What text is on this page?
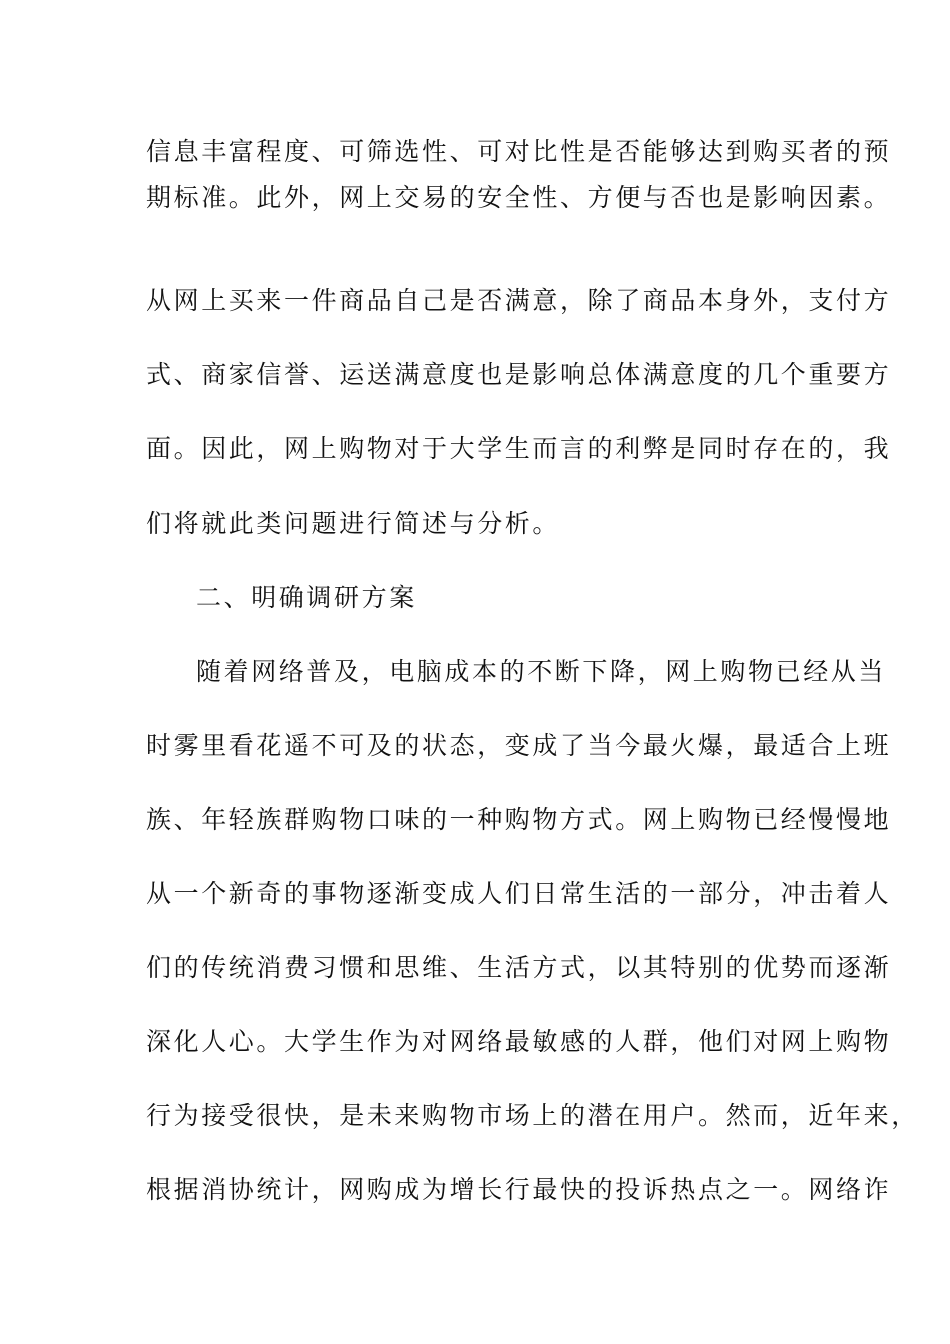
信息丰富程度、可筛选性、可对比性是否能够达到购买者的预
期标准。此外，网上交易的安全性、方便与否也是影响因素。
从网上买来一件商品自己是否满意，除了商品本身外，支付方
式、商家信誉、运送满意度也是影响总体满意度的几个重要方
面。因此，网上购物对于大学生而言的利弊是同时存在的，我
们将就此类问题进行简述与分析。
二、明确调研方案
随着网络普及，电脑成本的不断下降，网上购物已经从当
时雾里看花遥不可及的状态，变成了当今最火爆，最适合上班
族、年轻族群购物口味的一种购物方式。网上购物已经慢慢地
从一个新奇的事物逐渐变成人们日常生活的一部分，冲击着人
们的传统消费习惯和思维、生活方式，以其特别的优势而逐渐
深化人心。大学生作为对网络最敏感的人群，他们对网上购物
行为接受很快，是未来购物市场上的潜在用户。然而，近年来，
根据消协统计，网购成为增长行最快的投诉热点之一。网络诈
